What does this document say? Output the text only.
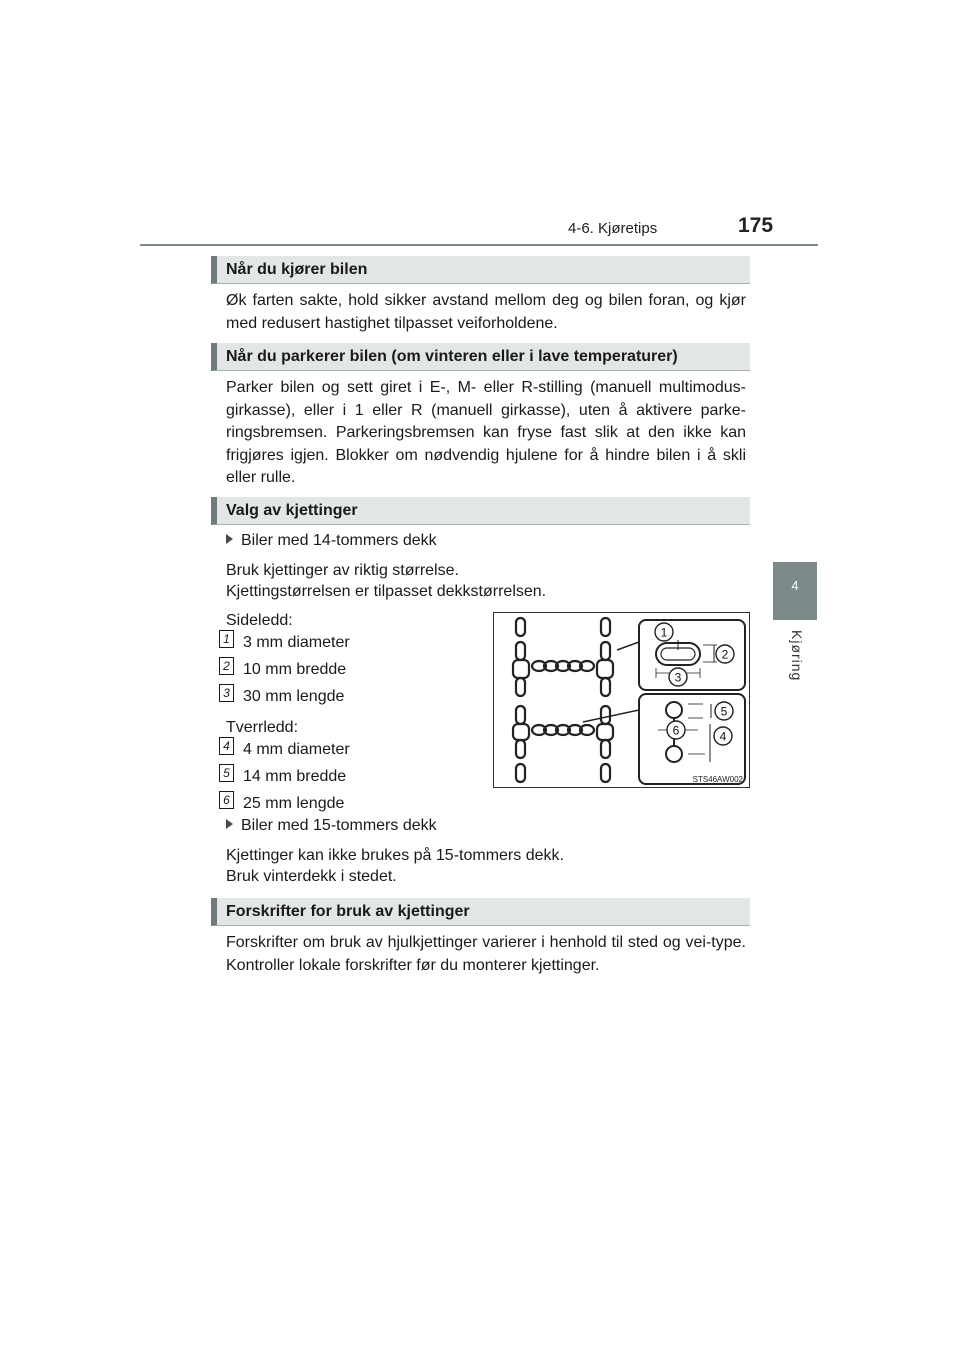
4-6. Kjøretips	175
4
Kjøring
Når du kjører bilen

Øk farten sakte, hold sikker avstand mellom deg og bilen foran, og kjør med redusert hastighet tilpasset veiforholdene.

Når du parkerer bilen (om vinteren eller i lave temperaturer)

Parker bilen og sett giret i E-, M- eller R-stilling (manuell multimodus-girkasse), eller i 1 eller R (manuell girkasse), uten å aktivere parke-ringsbremsen. Parkeringsbremsen kan fryse fast slik at den ikke kan frigjøres igjen. Blokker om nødvendig hjulene for å hindre bilen i å skli eller rulle.

Valg av kjettinger
Biler med 14-tommers dekk
Bruk kjettinger av riktig størrelse.
Kjettingstørrelsen er tilpasset dekkstørrelsen.
Sideledd:
1 3 mm diameter
2 10 mm bredde
3 30 mm lengde
Tverrledd:
4 4 mm diameter
5 14 mm bredde
6 25 mm lengde
Biler med 15-tommers dekk
Kjettinger kan ikke brukes på 15-tommers dekk.
Bruk vinterdekk i stedet.
1
2
3
4
5
6
STS46AW002
Forskrifter for bruk av kjettinger

Forskrifter om bruk av hjulkjettinger varierer i henhold til sted og vei-type. Kontroller lokale forskrifter før du monterer kjettinger.
